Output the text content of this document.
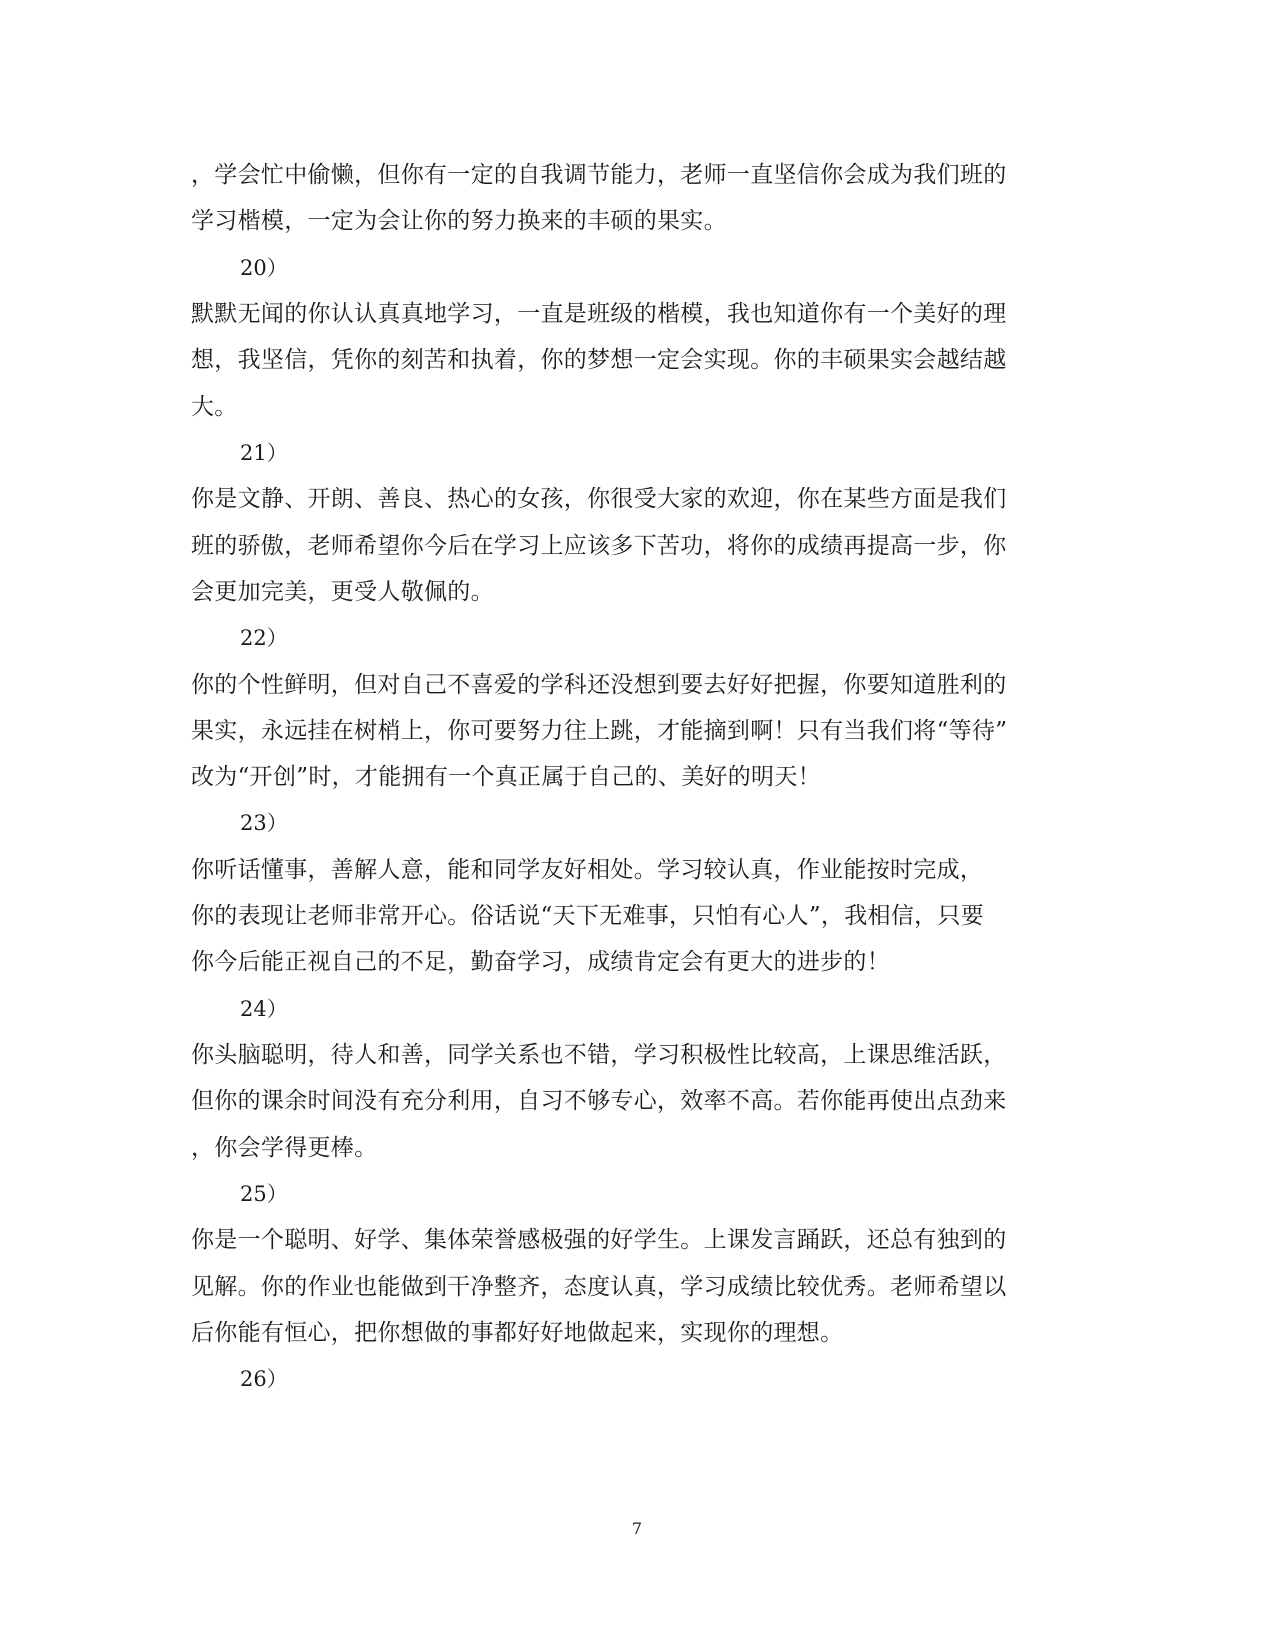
，学会忙中偷懒，但你有一定的自我调节能力，老师一直坚信你会成为我们班的
学习楷模，一定为会让你的努力换来的丰硕的果实。
20）
默默无闻的你认认真真地学习，一直是班级的楷模，我也知道你有一个美好的理
想，我坚信，凭你的刻苦和执着，你的梦想一定会实现。你的丰硕果实会越结越
大。
21）
你是文静、开朗、善良、热心的女孩，你很受大家的欢迎，你在某些方面是我们
班的骄傲，老师希望你今后在学习上应该多下苦功，将你的成绩再提高一步，你
会更加完美，更受人敬佩的。
22）
你的个性鲜明，但对自己不喜爱的学科还没想到要去好好把握，你要知道胜利的
果实，永远挂在树梢上，你可要努力往上跳，才能摘到啊！只有当我们将“等待”
改为“开创”时，才能拥有一个真正属于自己的、美好的明天！
23）
你听话懂事，善解人意，能和同学友好相处。学习较认真，作业能按时完成，
你的表现让老师非常开心。俗话说“天下无难事，只怕有心人”，我相信，只要
你今后能正视自己的不足，勤奋学习，成绩肯定会有更大的进步的！
24）
你头脑聪明，待人和善，同学关系也不错，学习积极性比较高，上课思维活跃，
但你的课余时间没有充分利用，自习不够专心，效率不高。若你能再使出点劲来
，你会学得更棒。
25）
你是一个聪明、好学、集体荣誉感极强的好学生。上课发言踊跃，还总有独到的
见解。你的作业也能做到干净整齐，态度认真，学习成绩比较优秀。老师希望以
后你能有恒心，把你想做的事都好好地做起来，实现你的理想。
26）
7
